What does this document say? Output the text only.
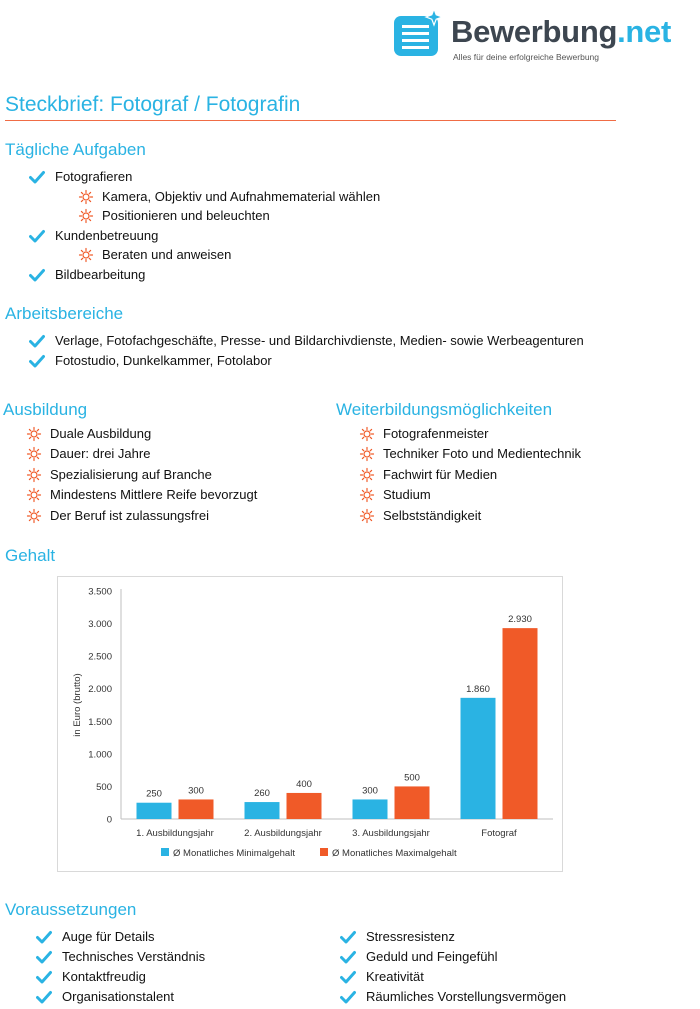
Bewerbung.net
Alles für deine erfolgreiche Bewerbung
Steckbrief: Fotograf / Fotografin
Tägliche Aufgaben
Fotografieren
Kamera, Objektiv und Aufnahmematerial wählen
Positionieren und beleuchten
Kundenbetreuung
Beraten und anweisen
Bildbearbeitung
Arbeitsbereiche
Verlage, Fotofachgeschäfte, Presse- und Bildarchivdienste, Medien- sowie Werbeagenturen
Fotostudio, Dunkelkammer, Fotolabor
Ausbildung
Duale Ausbildung
Dauer: drei Jahre
Spezialisierung auf Branche
Mindestens Mittlere Reife bevorzugt
Der Beruf ist zulassungsfrei
Weiterbildungsmöglichkeiten
Fotografenmeister
Techniker Foto und Medientechnik
Fachwirt für Medien
Studium
Selbstständigkeit
Gehalt
0
500
1.000
1.500
2.000
2.500
3.000
3.500
in Euro (brutto)
250	300
1. Ausbildungsjahr
260
400
2. Ausbildungsjahr
300
500
3. Ausbildungsjahr
1.860
2.930
Fotograf
Ø Monatliches Minimalgehalt	Ø Monatliches Maximalgehalt
Voraussetzungen
Auge für Details
Technisches Verständnis
Kontaktfreudig
Organisationstalent
Stressresistenz
Geduld und Feingefühl
Kreativität
Räumliches Vorstellungsvermögen
